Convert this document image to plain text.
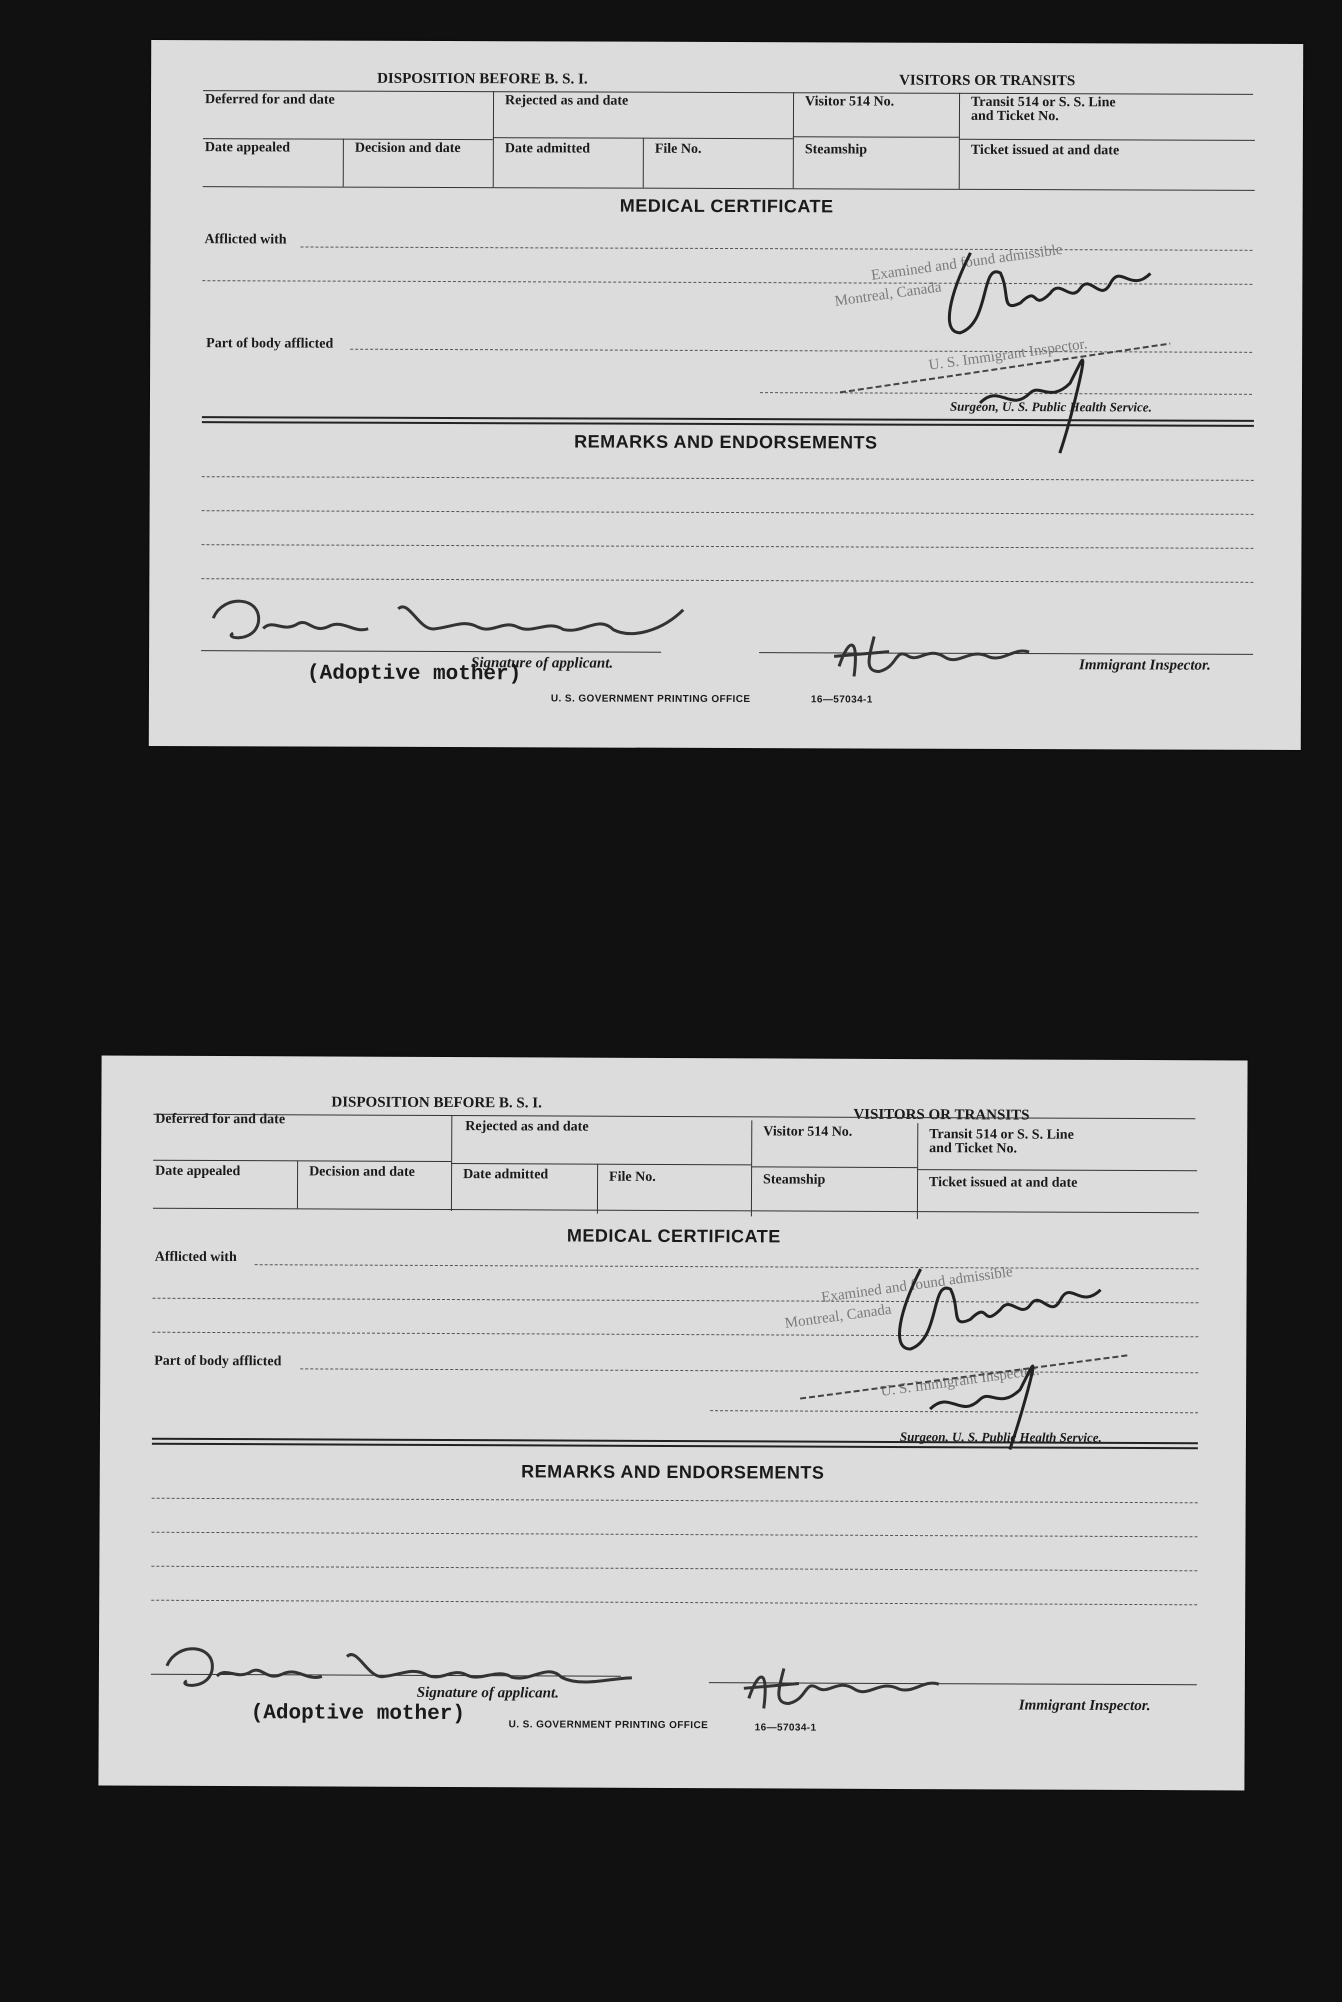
DISPOSITION BEFORE B. S. I.	VISITORS OR TRANSITS
Deferred for and date	Rejected as and date	Visitor 514 No.	Transit 514 or S. S. Line
and Ticket No.
Date appealed	Decision and date	Date admitted	File No.	Steamship	Ticket issued at and date
MEDICAL CERTIFICATE
Afflicted with
Part of body afflicted
Examined and found admissible
Montreal, Canada
U. S. Immigrant Inspector.
Surgeon, U. S. Public Health Service.
REMARKS AND ENDORSEMENTS
Signature of applicant.	Immigrant Inspector.
(Adoptive mother)
U. S. GOVERNMENT PRINTING OFFICE	16—57034-1
DISPOSITION BEFORE B. S. I.
VISITORS OR TRANSITS
Deferred for and date	Rejected as and date	Visitor 514 No.	Transit 514 or S. S. Line
and Ticket No.
Date appealed	Decision and date	Date admitted	File No.	Steamship	Ticket issued at and date
MEDICAL CERTIFICATE
Afflicted with
Part of body afflicted
Examined and found admissible
Montreal, Canada
U. S. Immigrant Inspector.
Surgeon, U. S. Public Health Service.
REMARKS AND ENDORSEMENTS
Signature of applicant.
Immigrant Inspector.
(Adoptive mother)	U. S. GOVERNMENT PRINTING OFFICE	16—57034-1
